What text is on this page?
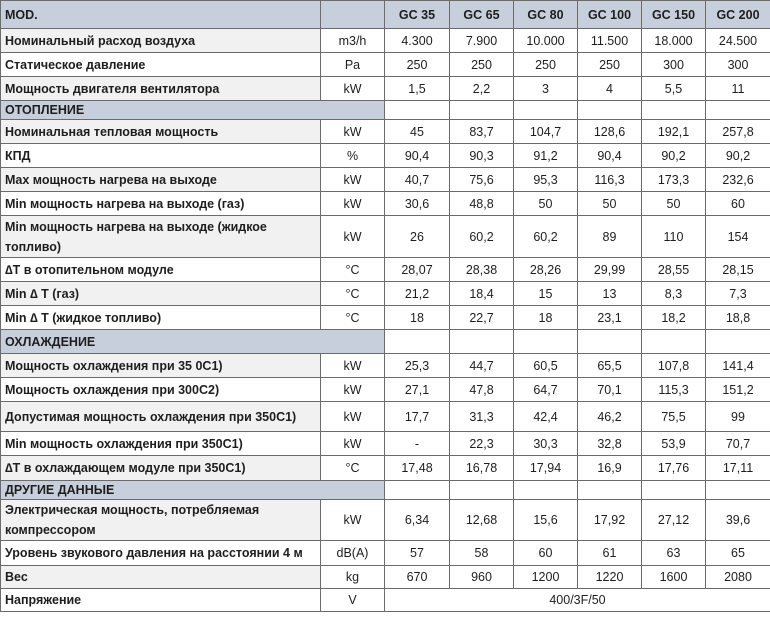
MOD.		GC 35	GC 65	GC 80	GC 100	GC 150	GC 200
Номинальный расход воздуха	m3/h	4.300	7.900	10.000	11.500	18.000	24.500
Статическое давление	Pa	250	250	250	250	300	300
Мощность двигателя вентилятора	kW	1,5	2,2	3	4	5,5	11
ОТОПЛЕНИЕ							
Номинальная тепловая мощность	kW	45	83,7	104,7	128,6	192,1	257,8
КПД	%	90,4	90,3	91,2	90,4	90,2	90,2
Max мощность нагрева на выходе	kW	40,7	75,6	95,3	116,3	173,3	232,6
Min мощность нагрева на выходе (газ)	kW	30,6	48,8	50	50	50	60
Min мощность нагрева на выходе (жидкое топливо)	kW	26	60,2	60,2	89	110	154
∆T в отопительном модуле	°C	28,07	28,38	28,26	29,99	28,55	28,15
Min ∆ T (газ)	°C	21,2	18,4	15	13	8,3	7,3
Min ∆ T (жидкое топливо)	°C	18	22,7	18	23,1	18,2	18,8
ОХЛАЖДЕНИЕ							
Мощность охлаждения при 35 0C1)	kW	25,3	44,7	60,5	65,5	107,8	141,4
Мощность охлаждения при 300C2)	kW	27,1	47,8	64,7	70,1	115,3	151,2
Допустимая мощность охлаждения при 350C1)	kW	17,7	31,3	42,4	46,2	75,5	99
Min мощность охлаждения при 350C1)	kW	-	22,3	30,3	32,8	53,9	70,7
∆T в охлаждающем модуле при 350C1)	°C	17,48	16,78	17,94	16,9	17,76	17,11
ДРУГИЕ ДАННЫЕ							
Электрическая мощность, потребляемая компрессором	kW	6,34	12,68	15,6	17,92	27,12	39,6
Уровень звукового давления на расстоянии 4 м	dB(A)	57	58	60	61	63	65
Вес	kg	670	960	1200	1220	1600	2080
Напряжение	V	400/3F/50					
